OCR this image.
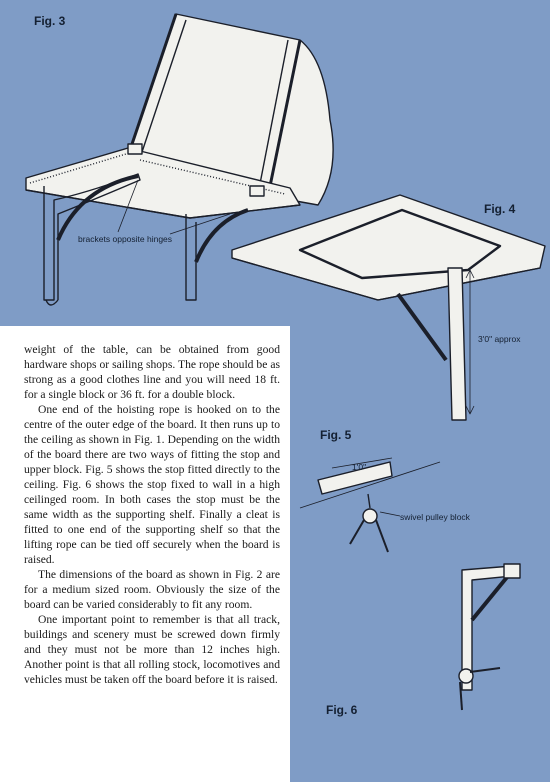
Fig. 3
brackets opposite hinges
Fig. 4
3'0" approx
Fig. 5
1'0"
swivel pulley block
Fig. 6

weight of the table, can be obtained from good hardware shops or sailing shops. The rope should be as strong as a good clothes line and you will need 18 ft. for a single block or 36 ft. for a double block.

One end of the hoisting rope is hooked on to the centre of the outer edge of the board. It then runs up to the ceiling as shown in Fig. 1. Depending on the width of the board there are two ways of fitting the stop and upper block. Fig. 5 shows the stop fitted directly to the ceiling. Fig. 6 shows the stop fixed to wall in a high ceilinged room. In both cases the stop must be the same width as the supporting shelf. Finally a cleat is fitted to one end of the supporting shelf so that the lifting rope can be tied off securely when the board is raised.

The dimensions of the board as shown in Fig. 2 are for a medium sized room. Obviously the size of the board can be varied considerably to fit any room.

One important point to remember is that all track, buildings and scenery must be screwed down firmly and they must not be more than 12 inches high. Another point is that all rolling stock, locomotives and vehicles must be taken off the board before it is raised.
